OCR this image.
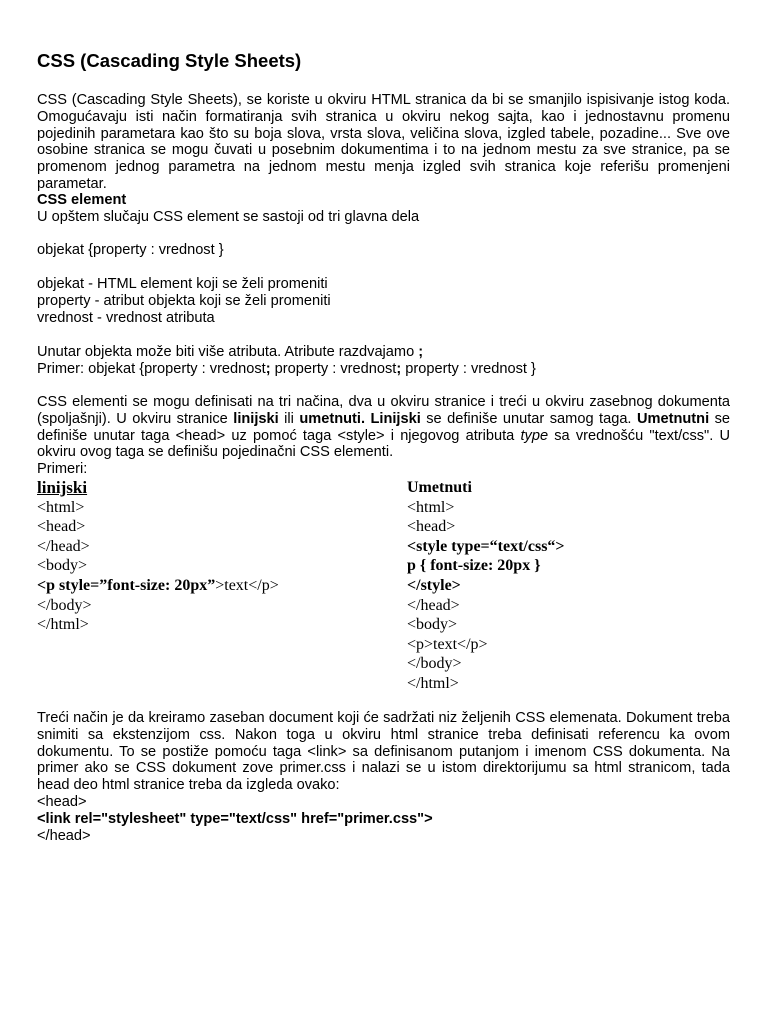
CSS (Cascading Style Sheets)

CSS (Cascading Style Sheets), se koriste u okviru HTML stranica da bi se smanjilo ispisivanje istog koda. Omogućavaju isti način formatiranja svih stranica u okviru nekog sajta, kao i jednostavnu promenu pojedinih parametara kao što su boja slova, vrsta slova, veličina slova, izgled tabele, pozadine... Sve ove osobine stranica se mogu čuvati u posebnim dokumentima i to na jednom mestu za sve stranice, pa se promenom jednog parametra na jednom mestu menja izgled svih stranica koje referišu promenjeni parametar.

CSS element
U opštem slučaju CSS element se sastoji od tri glavna dela
objekat {property : vrednost }
objekat - HTML element koji se želi promeniti
property - atribut objekta koji se želi promeniti
vrednost - vrednost atributa
Unutar objekta može biti više atributa. Atribute razdvajamo ;
Primer: objekat {property : vrednost; property : vrednost; property : vrednost }

CSS elementi se mogu definisati na tri načina, dva u okviru stranice i treći u okviru zasebnog dokumenta (spoljašnji). U okviru stranice linijski ili umetnuti. Linijski se definiše unutar samog taga. Umetnutni se definiše unutar taga <head> uz pomoć taga <style> i njegovog atributa type sa vrednošću "text/css". U okviru ovog taga se definišu pojedinačni CSS elementi.

Primeri:
linijski
<html>
<head>
</head>
<body>
<p style=”font-size: 20px”>text</p>
</body>
</html>
Umetnuti
<html>
<head>
<style type=“text/css“>
p { font-size: 20px }
</style>
</head>
<body>
<p>text</p>
</body>
</html>

Treći način je da kreiramo zaseban document koji će sadržati niz željenih CSS elemenata. Dokument treba snimiti sa ekstenzijom css. Nakon toga u okviru html stranice treba definisati referencu ka ovom dokumentu. To se postiže pomoću taga <link> sa definisanom putanjom i imenom CSS dokumenta. Na primer ako se CSS dokument zove primer.css i nalazi se u istom direktorijumu sa html stranicom, tada head deo html stranice treba da izgleda ovako:

<head>
<link rel="stylesheet" type="text/css" href="primer.css">
</head>
